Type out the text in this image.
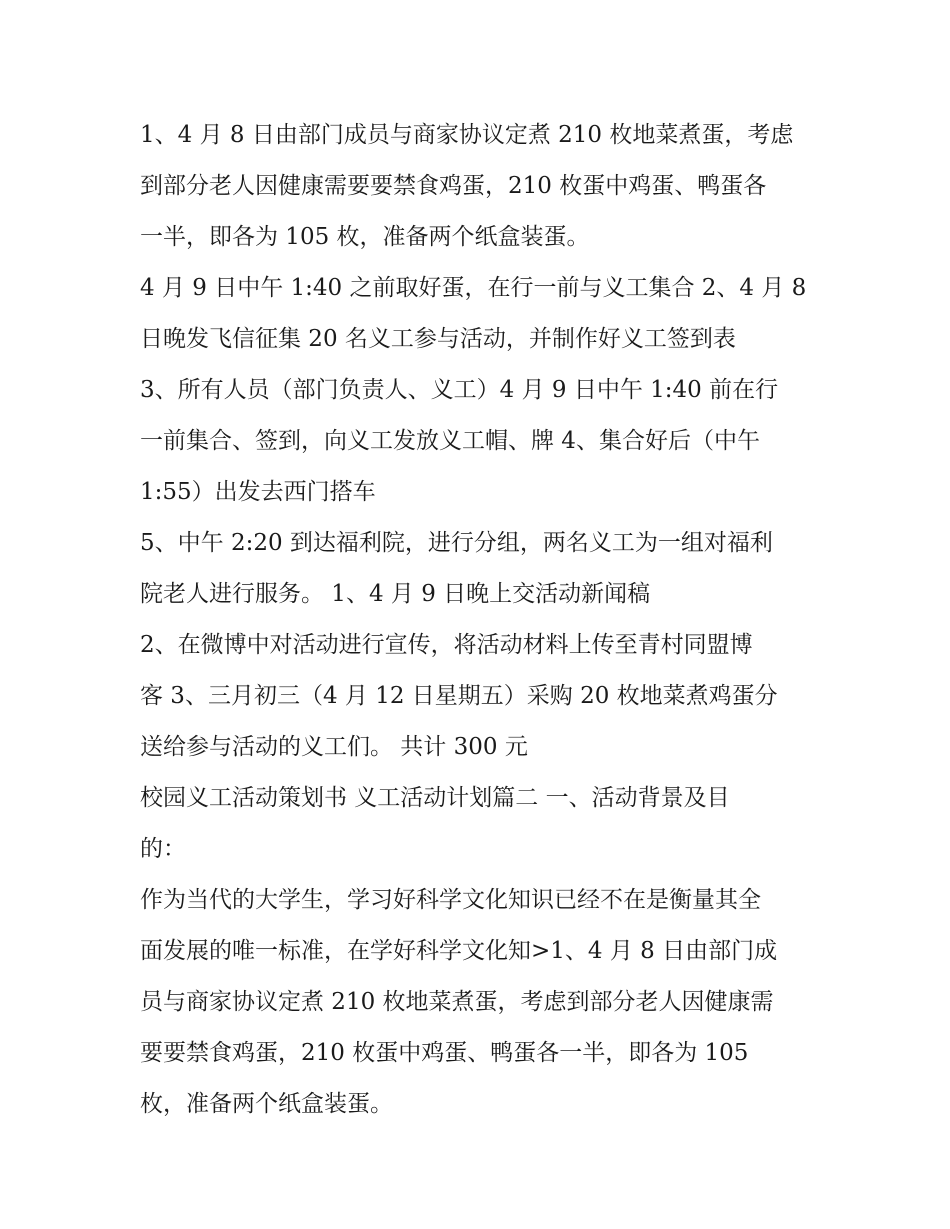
1、4 月 8 日由部门成员与商家协议定煮 210 枚地菜煮蛋，考虑
到部分老人因健康需要要禁食鸡蛋，210 枚蛋中鸡蛋、鸭蛋各
一半，即各为 105 枚，准备两个纸盒装蛋。
4 月 9 日中午 1:40 之前取好蛋，在行一前与义工集合 2、4 月 8
日晚发飞信征集 20 名义工参与活动，并制作好义工签到表
3、所有人员（部门负责人、义工）4 月 9 日中午 1:40 前在行
一前集合、签到，向义工发放义工帽、牌 4、集合好后（中午
1:55）出发去西门搭车
5、中午 2:20 到达福利院，进行分组，两名义工为一组对福利
院老人进行服务。 1、4 月 9 日晚上交活动新闻稿
2、在微博中对活动进行宣传，将活动材料上传至青村同盟博
客 3、三月初三（4 月 12 日星期五）采购 20 枚地菜煮鸡蛋分
送给参与活动的义工们。 共计 300 元
校园义工活动策划书 义工活动计划篇二 一、活动背景及目
的：
作为当代的大学生，学习好科学文化知识已经不在是衡量其全
面发展的唯一标准，在学好科学文化知>1、4 月 8 日由部门成
员与商家协议定煮 210 枚地菜煮蛋，考虑到部分老人因健康需
要要禁食鸡蛋，210 枚蛋中鸡蛋、鸭蛋各一半，即各为 105
枚，准备两个纸盒装蛋。
